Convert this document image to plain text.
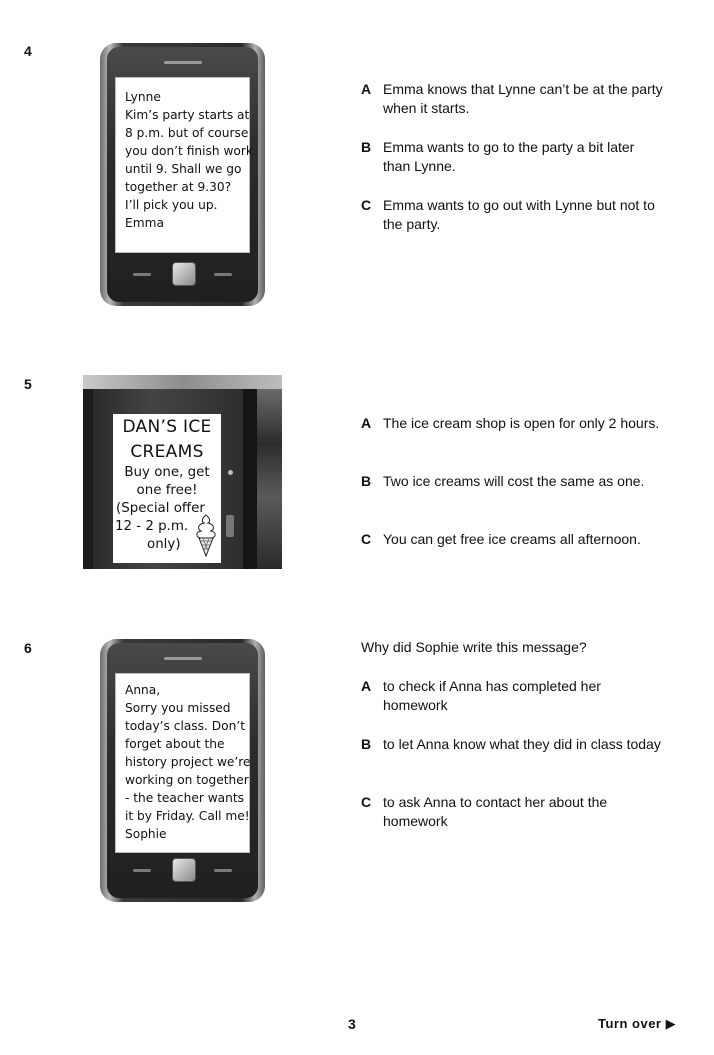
4
Lynne
Kim’s party starts at
8 p.m. but of course
you don’t finish work
until 9. Shall we go
together at 9.30?
I’ll pick you up.
Emma
A Emma knows that Lynne can’t be at the party
when it starts.
B Emma wants to go to the party a bit later
than Lynne.
C Emma wants to go out with Lynne but not to
the party.
5
DAN’S ICE
CREAMS
Buy one, get
one free!
(Special offer
12 - 2 p.m.
only)
A The ice cream shop is open for only 2 hours.
B Two ice creams will cost the same as one.
C You can get free ice creams all afternoon.
6
Anna,
Sorry you missed
today’s class. Don’t
forget about the
history project we’re
working on together
- the teacher wants
it by Friday. Call me!
Sophie
Why did Sophie write this message?
A to check if Anna has completed her
homework
B to let Anna know what they did in class today
C to ask Anna to contact her about the
homework
3	Turn over ▶
